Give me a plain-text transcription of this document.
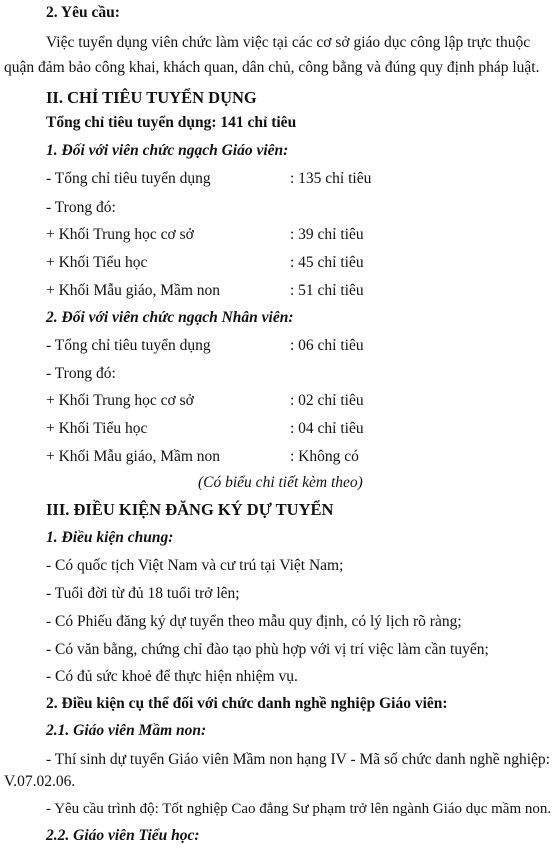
2. Yêu cầu:
Việc tuyển dụng viên chức làm việc tại các cơ sở giáo dục công lập trực thuộc
quận đảm bảo công khai, khách quan, dân chủ, công bằng và đúng quy định pháp luật.
II. CHỈ TIÊU TUYỂN DỤNG
Tổng chỉ tiêu tuyển dụng: 141 chỉ tiêu
1. Đối với viên chức ngạch Giáo viên:
- Tổng chỉ tiêu tuyển dụng	: 135 chỉ tiêu
- Trong đó:
+ Khối Trung học cơ sở	: 39 chỉ tiêu
+ Khối Tiểu học	: 45 chỉ tiêu
+ Khối Mẫu giáo, Mầm non	: 51 chỉ tiêu
2. Đối với viên chức ngạch Nhân viên:
- Tổng chỉ tiêu tuyển dụng	: 06 chỉ tiêu
- Trong đó:
+ Khối Trung học cơ sở	: 02 chỉ tiêu
+ Khối Tiểu học	: 04 chỉ tiêu
+ Khối Mẫu giáo, Mầm non	: Không có
(Có biểu chi tiết kèm theo)
III. ĐIỀU KIỆN ĐĂNG KÝ DỰ TUYỂN
1. Điều kiện chung:
- Có quốc tịch Việt Nam và cư trú tại Việt Nam;
- Tuổi đời từ đủ 18 tuổi trở lên;
- Có Phiếu đăng ký dự tuyển theo mẫu quy định, có lý lịch rõ ràng;
- Có văn bằng, chứng chỉ đào tạo phù hợp với vị trí việc làm cần tuyển;
- Có đủ sức khoẻ để thực hiện nhiệm vụ.
2. Điều kiện cụ thể đối với chức danh nghề nghiệp Giáo viên:
2.1. Giáo viên Mầm non:
- Thí sinh dự tuyển Giáo viên Mầm non hạng IV - Mã số chức danh nghề nghiệp:
V.07.02.06.
- Yêu cầu trình độ: Tốt nghiệp Cao đẳng Sư phạm trở lên ngành Giáo dục mầm non.
2.2. Giáo viên Tiểu học:
